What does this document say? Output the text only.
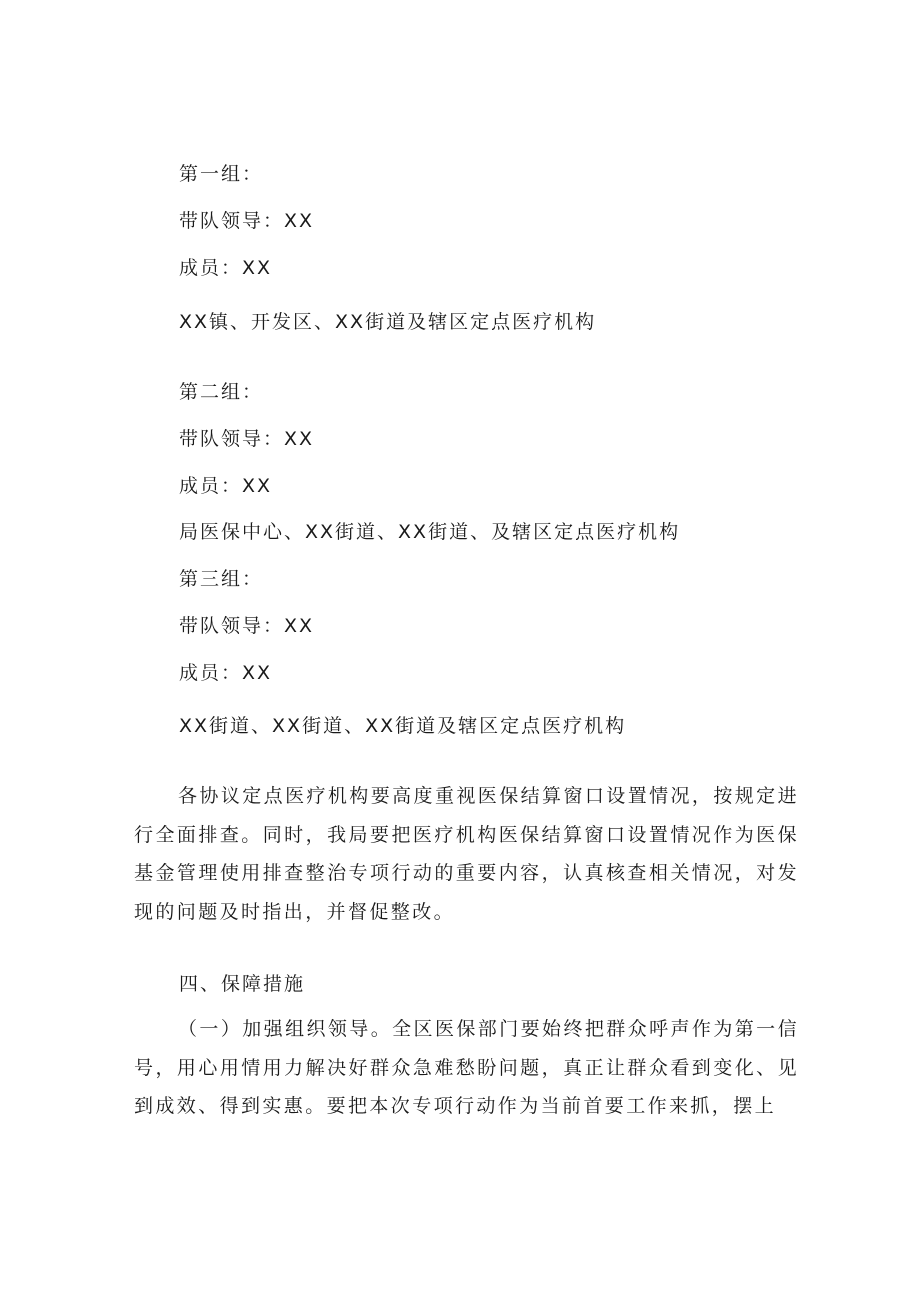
第一组：
带队领导：XX
成员：XX
XX镇、开发区、XX街道及辖区定点医疗机构
第二组：
带队领导：XX
成员：XX
局医保中心、XX街道、XX街道、及辖区定点医疗机构
第三组：
带队领导：XX
成员：XX
XX街道、XX街道、XX街道及辖区定点医疗机构
各协议定点医疗机构要高度重视医保结算窗口设置情况，按规定进行全面排查。同时，我局要把医疗机构医保结算窗口设置情况作为医保基金管理使用排查整治专项行动的重要内容，认真核查相关情况，对发现的问题及时指出，并督促整改。
四、保障措施
（一）加强组织领导。全区医保部门要始终把群众呼声作为第一信号，用心用情用力解决好群众急难愁盼问题，真正让群众看到变化、见到成效、得到实惠。要把本次专项行动作为当前首要工作来抓，摆上
